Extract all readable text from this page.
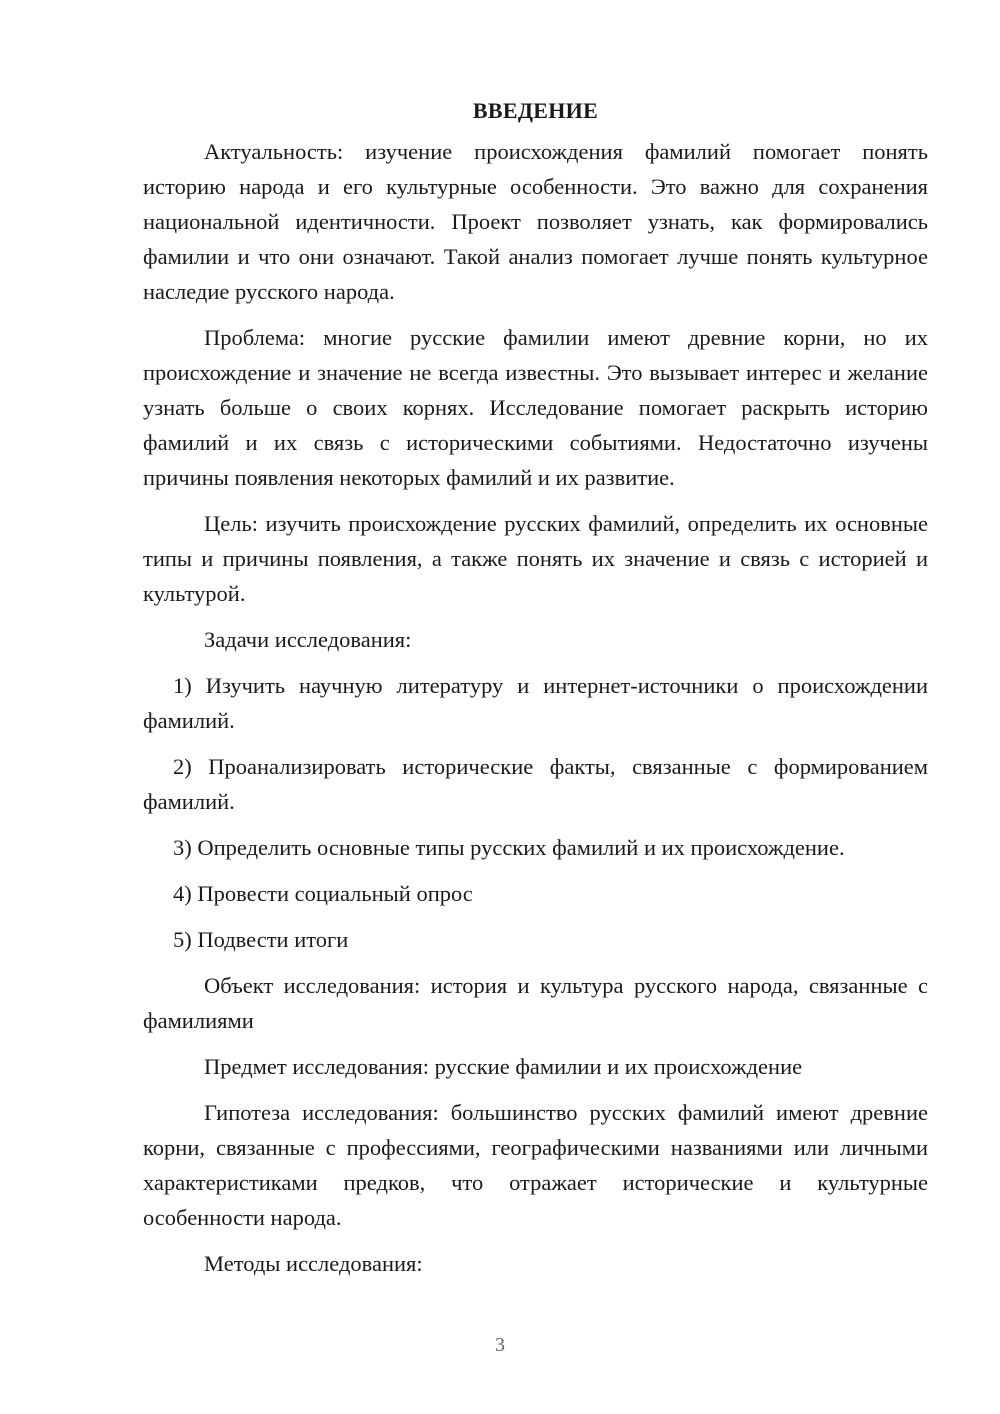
ВВЕДЕНИЕ

Актуальность: изучение происхождения фамилий помогает понять историю народа и его культурные особенности. Это важно для сохранения национальной идентичности. Проект позволяет узнать, как формировались фамилии и что они означают. Такой анализ помогает лучше понять культурное наследие русского народа.

Проблема: многие русские фамилии имеют древние корни, но их происхождение и значение не всегда известны. Это вызывает интерес и желание узнать больше о своих корнях. Исследование помогает раскрыть историю фамилий и их связь с историческими событиями. Недостаточно изучены причины появления некоторых фамилий и их развитие.

Цель: изучить происхождение русских фамилий, определить их основные типы и причины появления, а также понять их значение и связь с историей и культурой.

Задачи исследования:

1) Изучить научную литературу и интернет-источники о происхождении фамилий.

2) Проанализировать исторические факты, связанные с формированием фамилий.

3) Определить основные типы русских фамилий и их происхождение.

4) Провести социальный опрос

5) Подвести итоги

Объект исследования: история и культура русского народа, связанные с фамилиями

Предмет исследования: русские фамилии и их происхождение

Гипотеза исследования: большинство русских фамилий имеют древние корни, связанные с профессиями, географическими названиями или личными характеристиками предков, что отражает исторические и культурные особенности народа.

Методы исследования:

3
